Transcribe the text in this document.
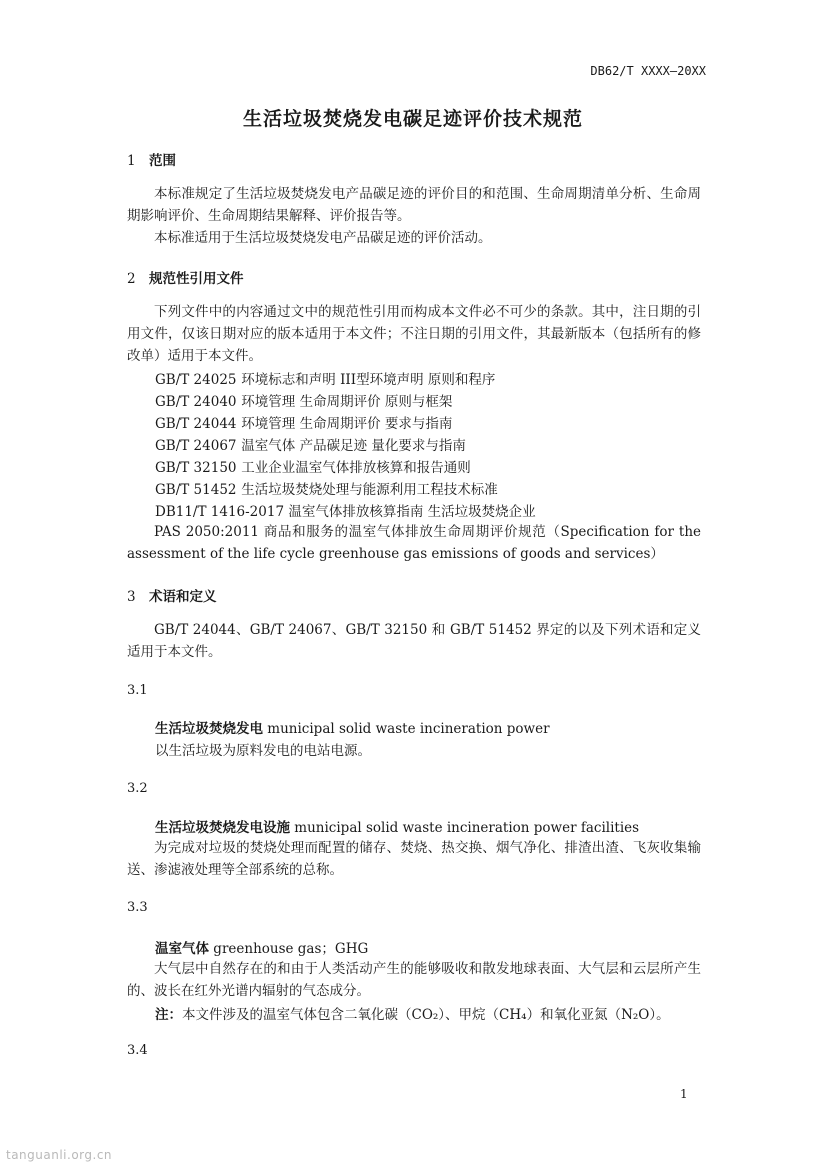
DB62/T XXXX—20XX
生活垃圾焚烧发电碳足迹评价技术规范
1 范围
本标准规定了生活垃圾焚烧发电产品碳足迹的评价目的和范围、生命周期清单分析、生命周期影响评价、生命周期结果解释、评价报告等。
本标准适用于生活垃圾焚烧发电产品碳足迹的评价活动。
2 规范性引用文件
下列文件中的内容通过文中的规范性引用而构成本文件必不可少的条款。其中，注日期的引用文件，仅该日期对应的版本适用于本文件；不注日期的引用文件，其最新版本（包括所有的修改单）适用于本文件。
GB/T 24025 环境标志和声明 III型环境声明 原则和程序
GB/T 24040 环境管理 生命周期评价 原则与框架
GB/T 24044 环境管理 生命周期评价 要求与指南
GB/T 24067 温室气体 产品碳足迹 量化要求与指南
GB/T 32150 工业企业温室气体排放核算和报告通则
GB/T 51452 生活垃圾焚烧处理与能源利用工程技术标准
DB11/T 1416-2017 温室气体排放核算指南 生活垃圾焚烧企业
PAS 2050:2011 商品和服务的温室气体排放生命周期评价规范（Specification for the assessment of the life cycle greenhouse gas emissions of goods and services）
3 术语和定义
GB/T 24044、GB/T 24067、GB/T 32150 和 GB/T 51452 界定的以及下列术语和定义适用于本文件。
3.1
生活垃圾焚烧发电 municipal solid waste incineration power
以生活垃圾为原料发电的电站电源。
3.2
生活垃圾焚烧发电设施 municipal solid waste incineration power facilities
为完成对垃圾的焚烧处理而配置的储存、焚烧、热交换、烟气净化、排渣出渣、飞灰收集输送、渗滤液处理等全部系统的总称。
3.3
温室气体 greenhouse gas；GHG
大气层中自然存在的和由于人类活动产生的能够吸收和散发地球表面、大气层和云层所产生的、波长在红外光谱内辐射的气态成分。
注：本文件涉及的温室气体包含二氧化碳（CO₂）、甲烷（CH₄）和氧化亚氮（N₂O）。
3.4
1
tanguanli.org.cn
